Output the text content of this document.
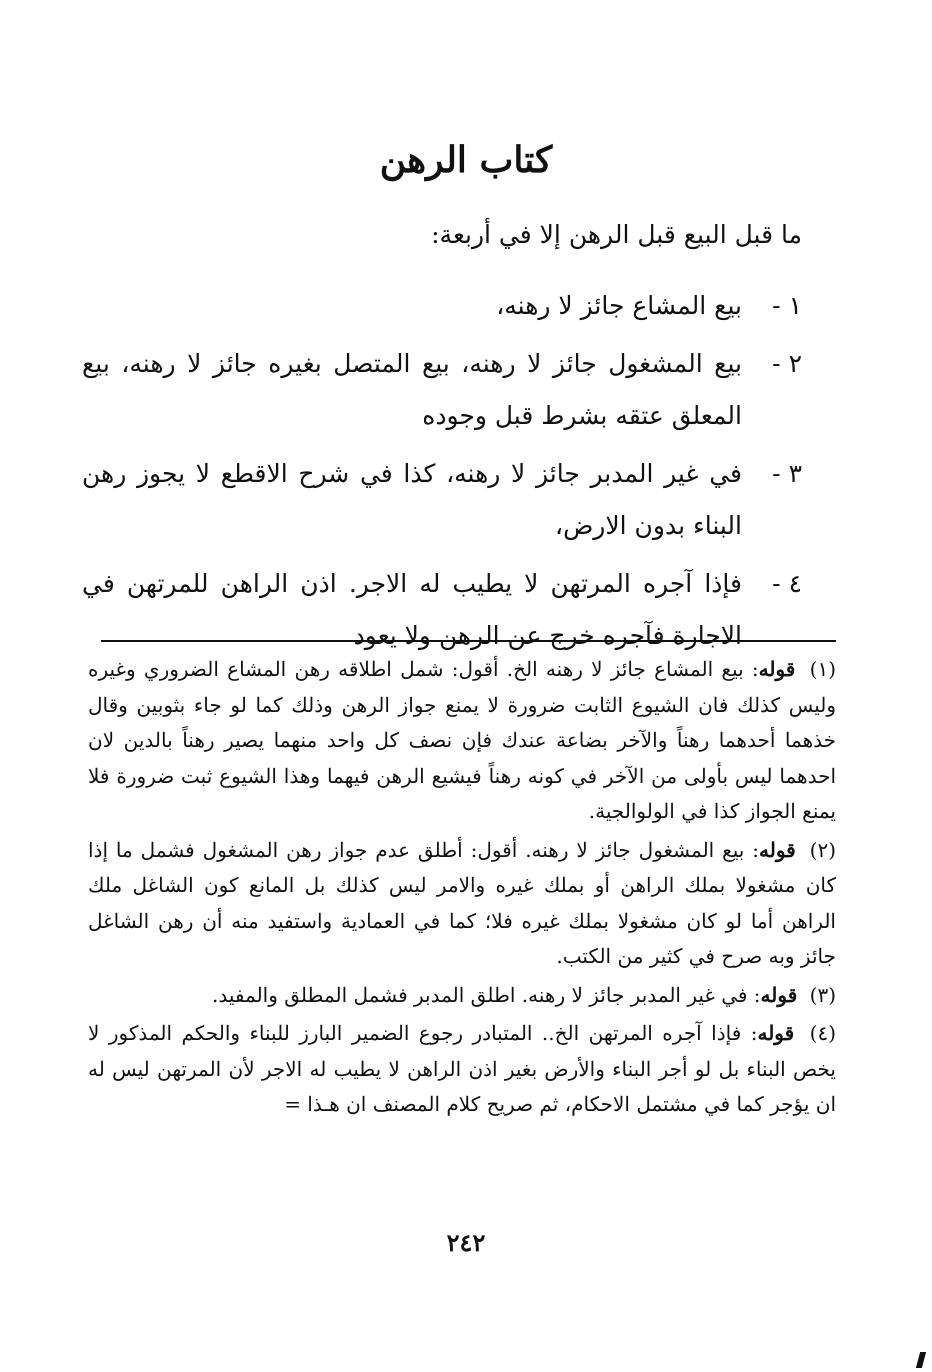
كتاب الرهن
ما قبل البيع قبل الرهن إلا في أربعة:
١ -
بيع المشاع جائز لا رهنه،
٢ -
بيع المشغول جائز لا رهنه، بيع المتصل بغيره جائز لا رهنه، بيع المعلق عتقه بشرط قبل وجوده
٣ -
في غير المدبر جائز لا رهنه، كذا في شرح الاقطع لا يجوز رهن البناء بدون الارض،
٤ -
فإذا آجره المرتهن لا يطيب له الاجر. اذن الراهن للمرتهن في الاجارة فآجره خرج عن الرهن ولا يعود

(١) قوله: بيع المشاع جائز لا رهنه الخ. أقول: شمل اطلاقه رهن المشاع الضروري وغيره وليس كذلك فان الشيوع الثابت ضرورة لا يمنع جواز الرهن وذلك كما لو جاء بثوبين وقال خذهما أحدهما رهناً والآخر بضاعة عندك فإن نصف كل واحد منهما يصير رهناً بالدين لان احدهما ليس بأولى من الآخر في كونه رهناً فيشيع الرهن فيهما وهذا الشيوع ثبت ضرورة فلا يمنع الجواز كذا في الولوالجية.

(٢) قوله: بيع المشغول جائز لا رهنه. أقول: أطلق عدم جواز رهن المشغول فشمل ما إذا كان مشغولا بملك الراهن أو بملك غيره والامر ليس كذلك بل المانع كون الشاغل ملك الراهن أما لو كان مشغولا بملك غيره فلا؛ كما في العمادية واستفيد منه أن رهن الشاغل جائز وبه صرح في كثير من الكتب.

(٣) قوله: في غير المدبر جائز لا رهنه. اطلق المدبر فشمل المطلق والمفيد.

(٤) قوله: فإذا آجره المرتهن الخ.. المتبادر رجوع الضمير البارز للبناء والحكم المذكور لا يخص البناء بل لو أجر البناء والأرض بغير اذن الراهن لا يطيب له الاجر لأن المرتهن ليس له ان يؤجر كما في مشتمل الاحكام، ثم صريح كلام المصنف ان هـذا =

٢٤٢
